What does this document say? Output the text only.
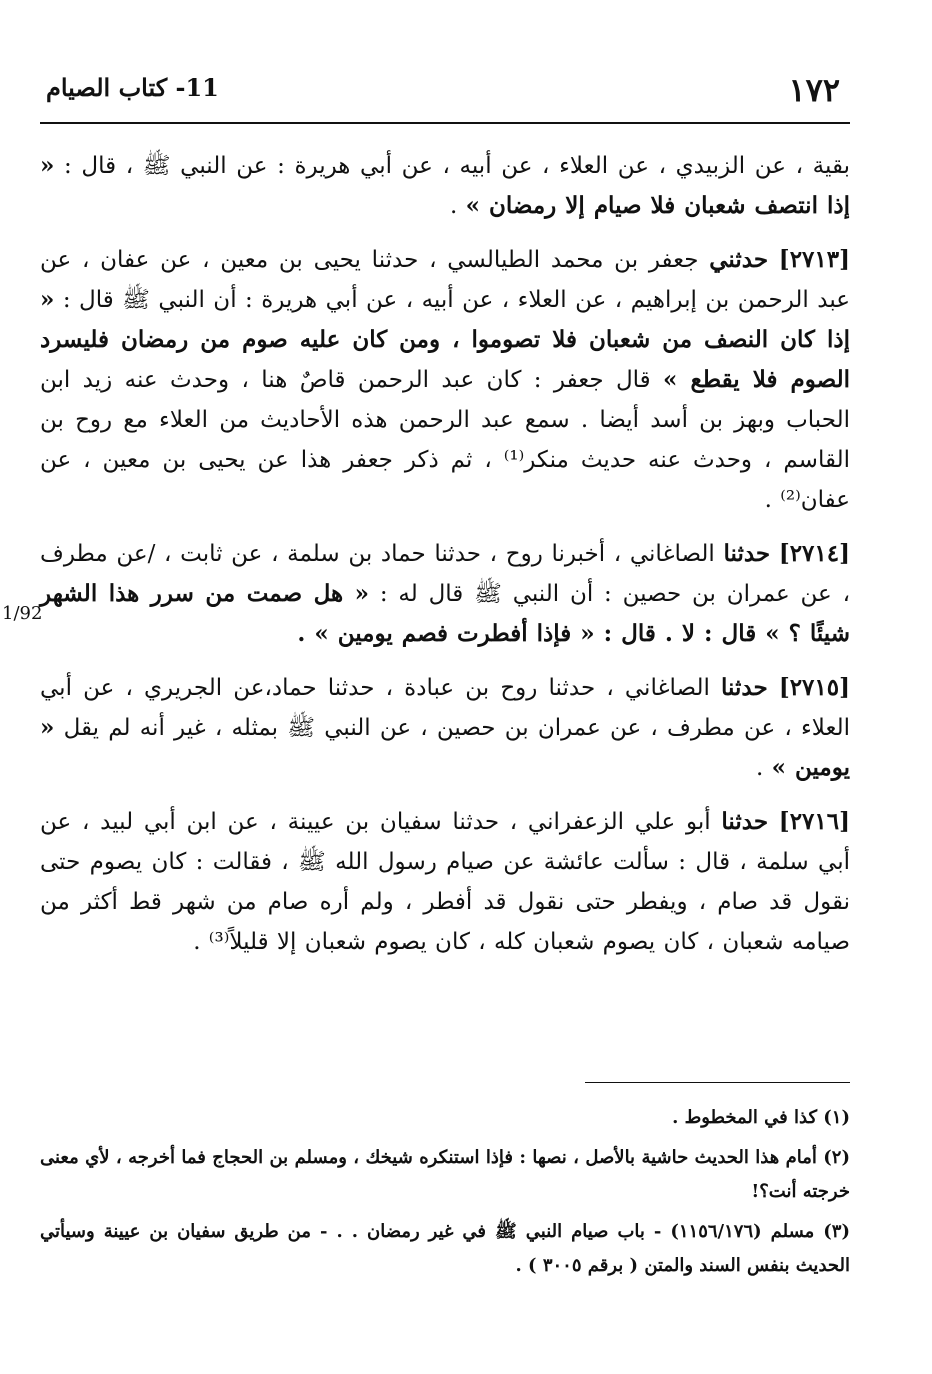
١٧٢
11- كتاب الصيام
1/92

بقية ، عن الزبيدي ، عن العلاء ، عن أبيه ، عن أبي هريرة : عن النبي ﷺ ، قال : « إذا انتصف شعبان فلا صيام إلا رمضان » .

[٢٧١٣] حدثني جعفر بن محمد الطيالسي ، حدثنا يحيى بن معين ، عن عفان ، عن عبد الرحمن بن إبراهيم ، عن العلاء ، عن أبيه ، عن أبي هريرة : أن النبي ﷺ قال : « إذا كان النصف من شعبان فلا تصوموا ، ومن كان عليه صوم من رمضان فليسرد الصوم فلا يقطع » قال جعفر : كان عبد الرحمن قاصٌ هنا ، وحدث عنه زيد ابن الحباب وبهز بن أسد أيضا . سمع عبد الرحمن هذه الأحاديث من العلاء مع روح بن القاسم ، وحدث عنه حديث منكر⁽¹⁾ ، ثم ذكر جعفر هذا عن يحيى بن معين ، عن عفان⁽²⁾ .

[٢٧١٤] حدثنا الصاغاني ، أخبرنا روح ، حدثنا حماد بن سلمة ، عن ثابت ، /عن مطرف ، عن عمران بن حصين : أن النبي ﷺ قال له : « هل صمت من سرر هذا الشهر شيئًا ؟ » قال : لا . قال : « فإذا أفطرت فصم يومين » .

[٢٧١٥] حدثنا الصاغاني ، حدثنا روح بن عبادة ، حدثنا حماد،عن الجريري ، عن أبي العلاء ، عن مطرف ، عن عمران بن حصين ، عن النبي ﷺ بمثله ، غير أنه لم يقل « يومين » .

[٢٧١٦] حدثنا أبو علي الزعفراني ، حدثنا سفيان بن عيينة ، عن ابن أبي لبيد ، عن أبي سلمة ، قال : سألت عائشة عن صيام رسول الله ﷺ ، فقالت : كان يصوم حتى نقول قد صام ، ويفطر حتى نقول قد أفطر ، ولم أره صام من شهر قط أكثر من صيامه شعبان ، كان يصوم شعبان كله ، كان يصوم شعبان إلا قليلاً⁽³⁾ .

(١) كذا في المخطوط .

(٢) أمام هذا الحديث حاشية بالأصل ، نصها : فإذا استنكره شيخك ، ومسلم بن الحجاج فما أخرجه ، لأي معنى خرجته أنت؟!

(٣) مسلم (١١٥٦/١٧٦) - باب صيام النبي ﷺ في غير رمضان . . - من طريق سفيان بن عيينة وسيأتي الحديث بنفس السند والمتن ( برقم ٣٠٠٥ ) .
